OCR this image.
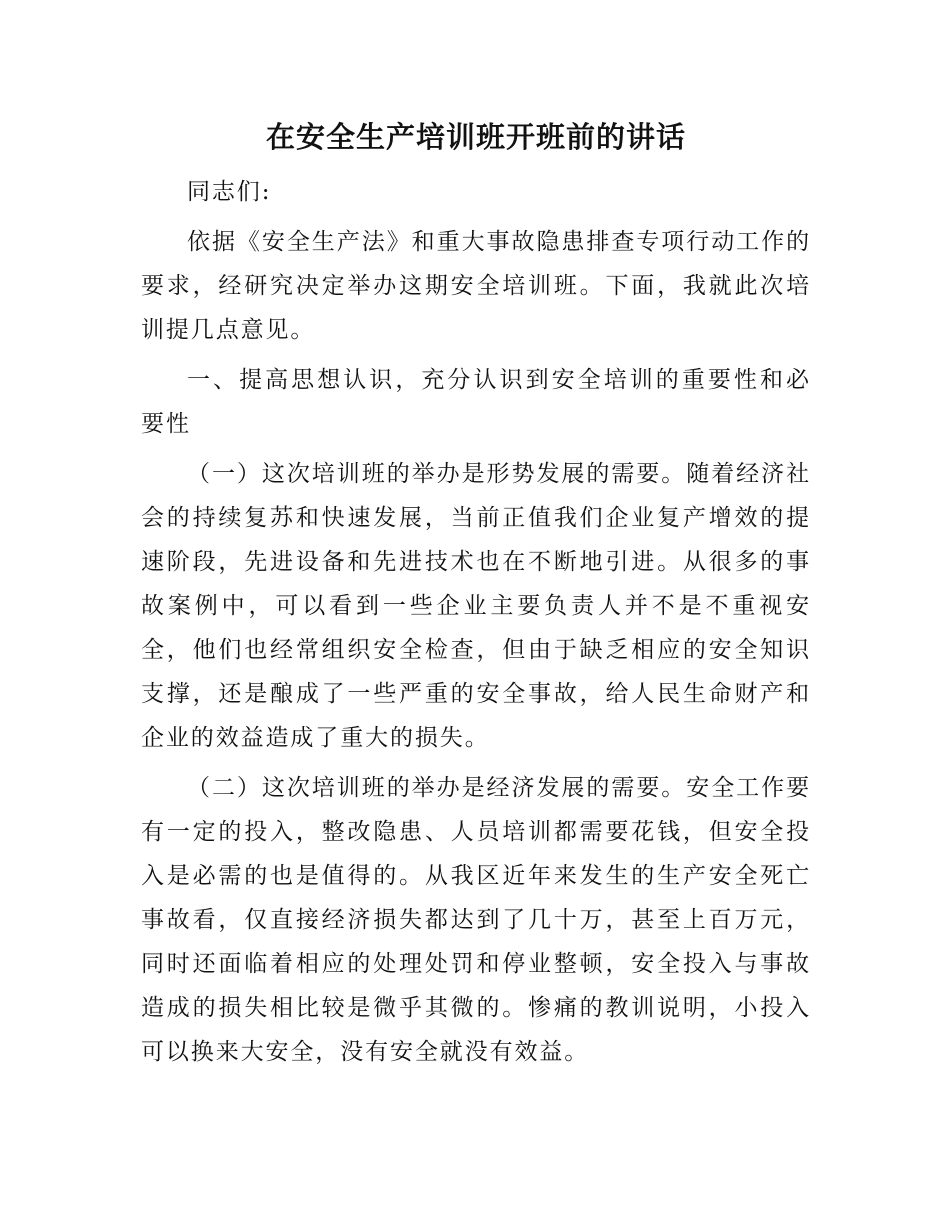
在安全生产培训班开班前的讲话

同志们:

依据《安全生产法》和重大事故隐患排查专项行动工作的要求，经研究决定举办这期安全培训班。下面，我就此次培训提几点意见。

一、提高思想认识，充分认识到安全培训的重要性和必要性

（一）这次培训班的举办是形势发展的需要。随着经济社会的持续复苏和快速发展，当前正值我们企业复产增效的提速阶段，先进设备和先进技术也在不断地引进。从很多的事故案例中，可以看到一些企业主要负责人并不是不重视安全，他们也经常组织安全检查，但由于缺乏相应的安全知识支撑，还是酿成了一些严重的安全事故，给人民生命财产和企业的效益造成了重大的损失。

（二）这次培训班的举办是经济发展的需要。安全工作要有一定的投入，整改隐患、人员培训都需要花钱，但安全投入是必需的也是值得的。从我区近年来发生的生产安全死亡事故看，仅直接经济损失都达到了几十万，甚至上百万元，同时还面临着相应的处理处罚和停业整顿，安全投入与事故造成的损失相比较是微乎其微的。惨痛的教训说明，小投入可以换来大安全，没有安全就没有效益。
